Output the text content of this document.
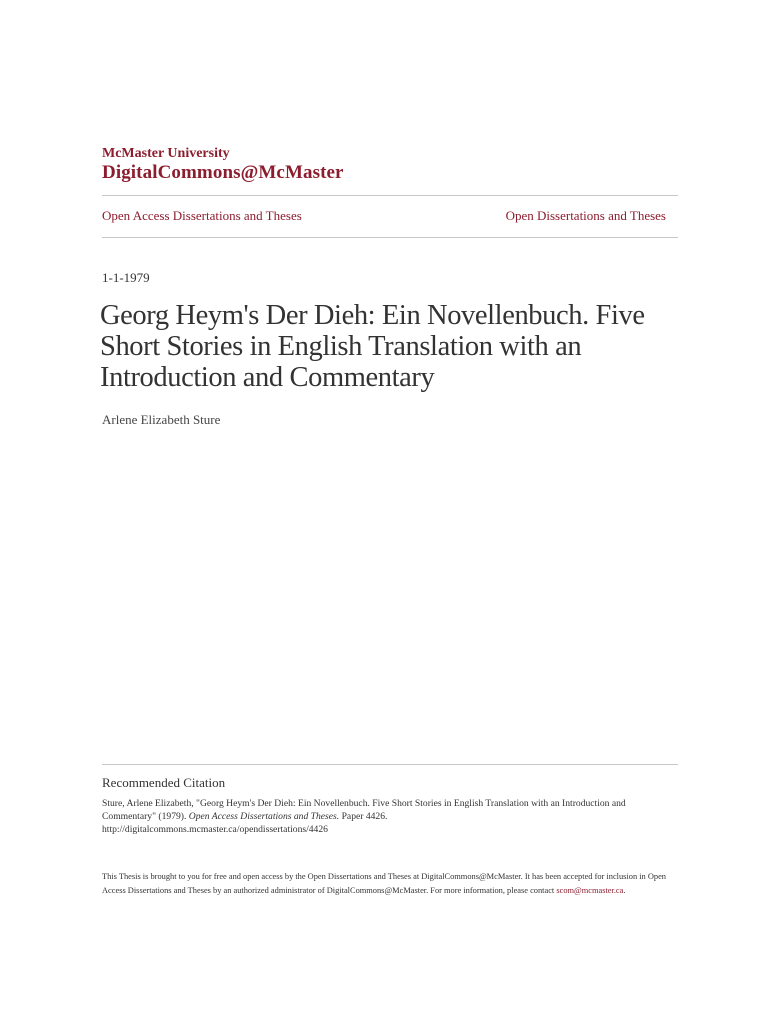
McMaster University
DigitalCommons@McMaster
Open Access Dissertations and Theses	Open Dissertations and Theses
1-1-1979
Georg Heym's Der Dieh: Ein Novellenbuch. Five Short Stories in English Translation with an Introduction and Commentary
Arlene Elizabeth Sture
Recommended Citation
Sture, Arlene Elizabeth, "Georg Heym's Der Dieh: Ein Novellenbuch. Five Short Stories in English Translation with an Introduction and Commentary" (1979). Open Access Dissertations and Theses. Paper 4426.
http://digitalcommons.mcmaster.ca/opendissertations/4426
This Thesis is brought to you for free and open access by the Open Dissertations and Theses at DigitalCommons@McMaster. It has been accepted for inclusion in Open Access Dissertations and Theses by an authorized administrator of DigitalCommons@McMaster. For more information, please contact scom@mcmaster.ca.
